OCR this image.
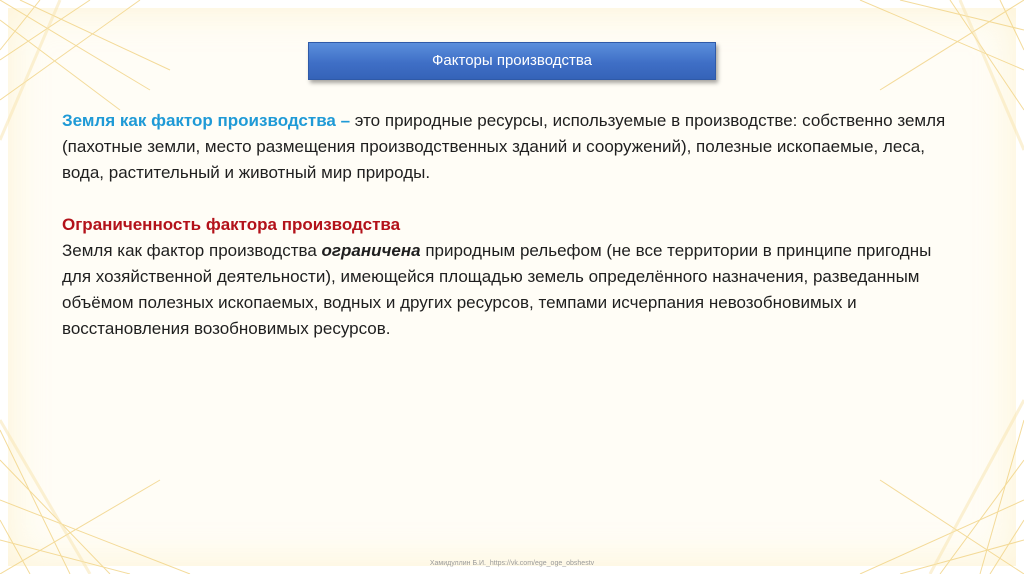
Факторы производства
Земля как фактор производства – это природные ресурсы, используемые в производстве: собственно земля (пахотные земли, место размещения производственных зданий и сооружений), полезные ископаемые, леса, вода, растительный и животный мир природы.
Ограниченность фактора производства
Земля как фактор производства ограничена природным рельефом (не все территории в принципе пригодны для хозяйственной деятельности), имеющейся площадью земель определённого назначения, разведанным объёмом полезных ископаемых, водных и других ресурсов, темпами исчерпания невозобновимых и восстановления возобновимых ресурсов.
Хамидуллин Б.И._https://vk.com/ege_oge_obshestv
